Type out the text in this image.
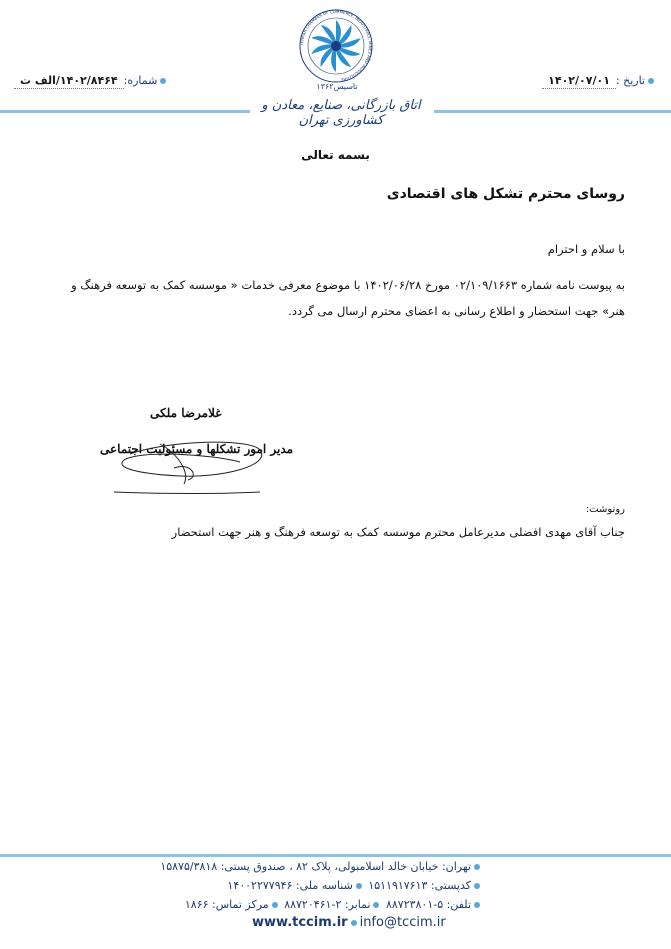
TEHRAN CHAMBER OF COMMERCE, INDUSTRIES, MINES AND AGRICULTURE
تاسیس۱۳۶۲	تاریخ :۱۴۰۲/۰۷/۰۱
شماره:۱۴۰۲/۸۴۶۴/الف ت
اتاق بازرگانی، صنایع، معادن و کشاورزی تهران
بسمه تعالی
روسای محترم تشکل های اقتصادی
با سلام و احترام
به پیوست نامه شماره ۰۲/۱۰۹/۱۶۶۳ مورخ ۱۴۰۲/۰۶/۲۸ با موضوع معرفی خدمات « موسسه کمک به توسعه فرهنگ و
هنر» جهت استحضار و اطلاع رسانی به اعضای محترم ارسال می گردد.
غلامرضا ملکی
مدیر امور تشکلها و مسئولیت اجتماعی
رونوشت:
جناب آقای مهدی افضلی مدیرعامل محترم موسسه کمک به توسعه فرهنگ و هنر جهت استحضار
تهران: خیابان خالد اسلامبولی، پلاک ۸۲ ، صندوق پستی: ۱۵۸۷۵/۳۸۱۸
کدپستی: ۱۵۱۱۹۱۷۶۱۳ شناسه ملی: ۱۴۰۰۲۲۷۷۹۴۶
تلفن: ۵-۸۸۷۲۳۸۰۱ نمابر: ۲-۸۸۷۲۰۴۶۱ مرکز تماس: ۱۸۶۶
www.tccim.ir info@tccim.ir
